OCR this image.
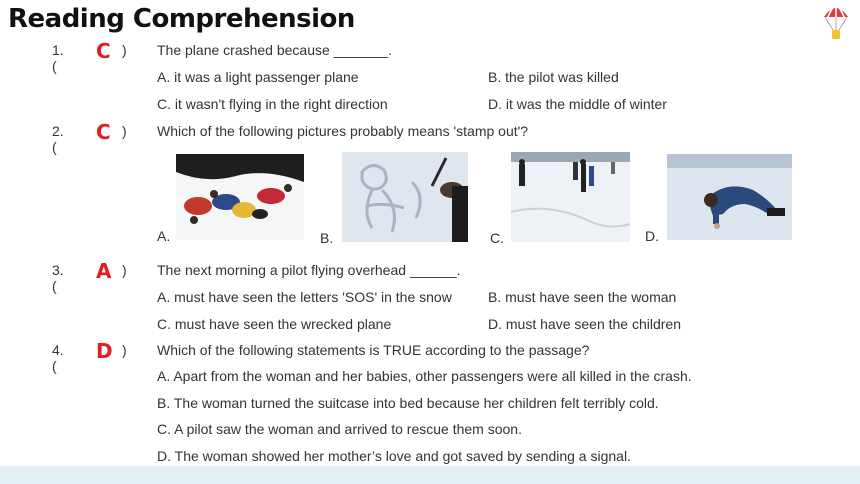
Reading Comprehension
1. (
C ) The plane crashed because _______.
A. it was a light passenger plane	B. the pilot was killed
C. it wasn't flying in the right direction	D. it was the middle of winter
2. (
C ) Which of the following pictures probably means 'stamp out'?
A.	B.	C.	D.
3. (
A ) The next morning a pilot flying overhead ______.
A. must have seen the letters 'SOS' in the snow	B. must have seen the woman
C. must have seen the wrecked plane	D. must have seen the children
4. (
D ) Which of the following statements is TRUE according to the passage?
A. Apart from the woman and her babies, other passengers were all killed in the crash.
B. The woman turned the suitcase into bed because her children felt terribly cold.
C. A pilot saw the woman and arrived to rescue them soon.
D. The woman showed her mother’s love and got saved by sending a signal.
